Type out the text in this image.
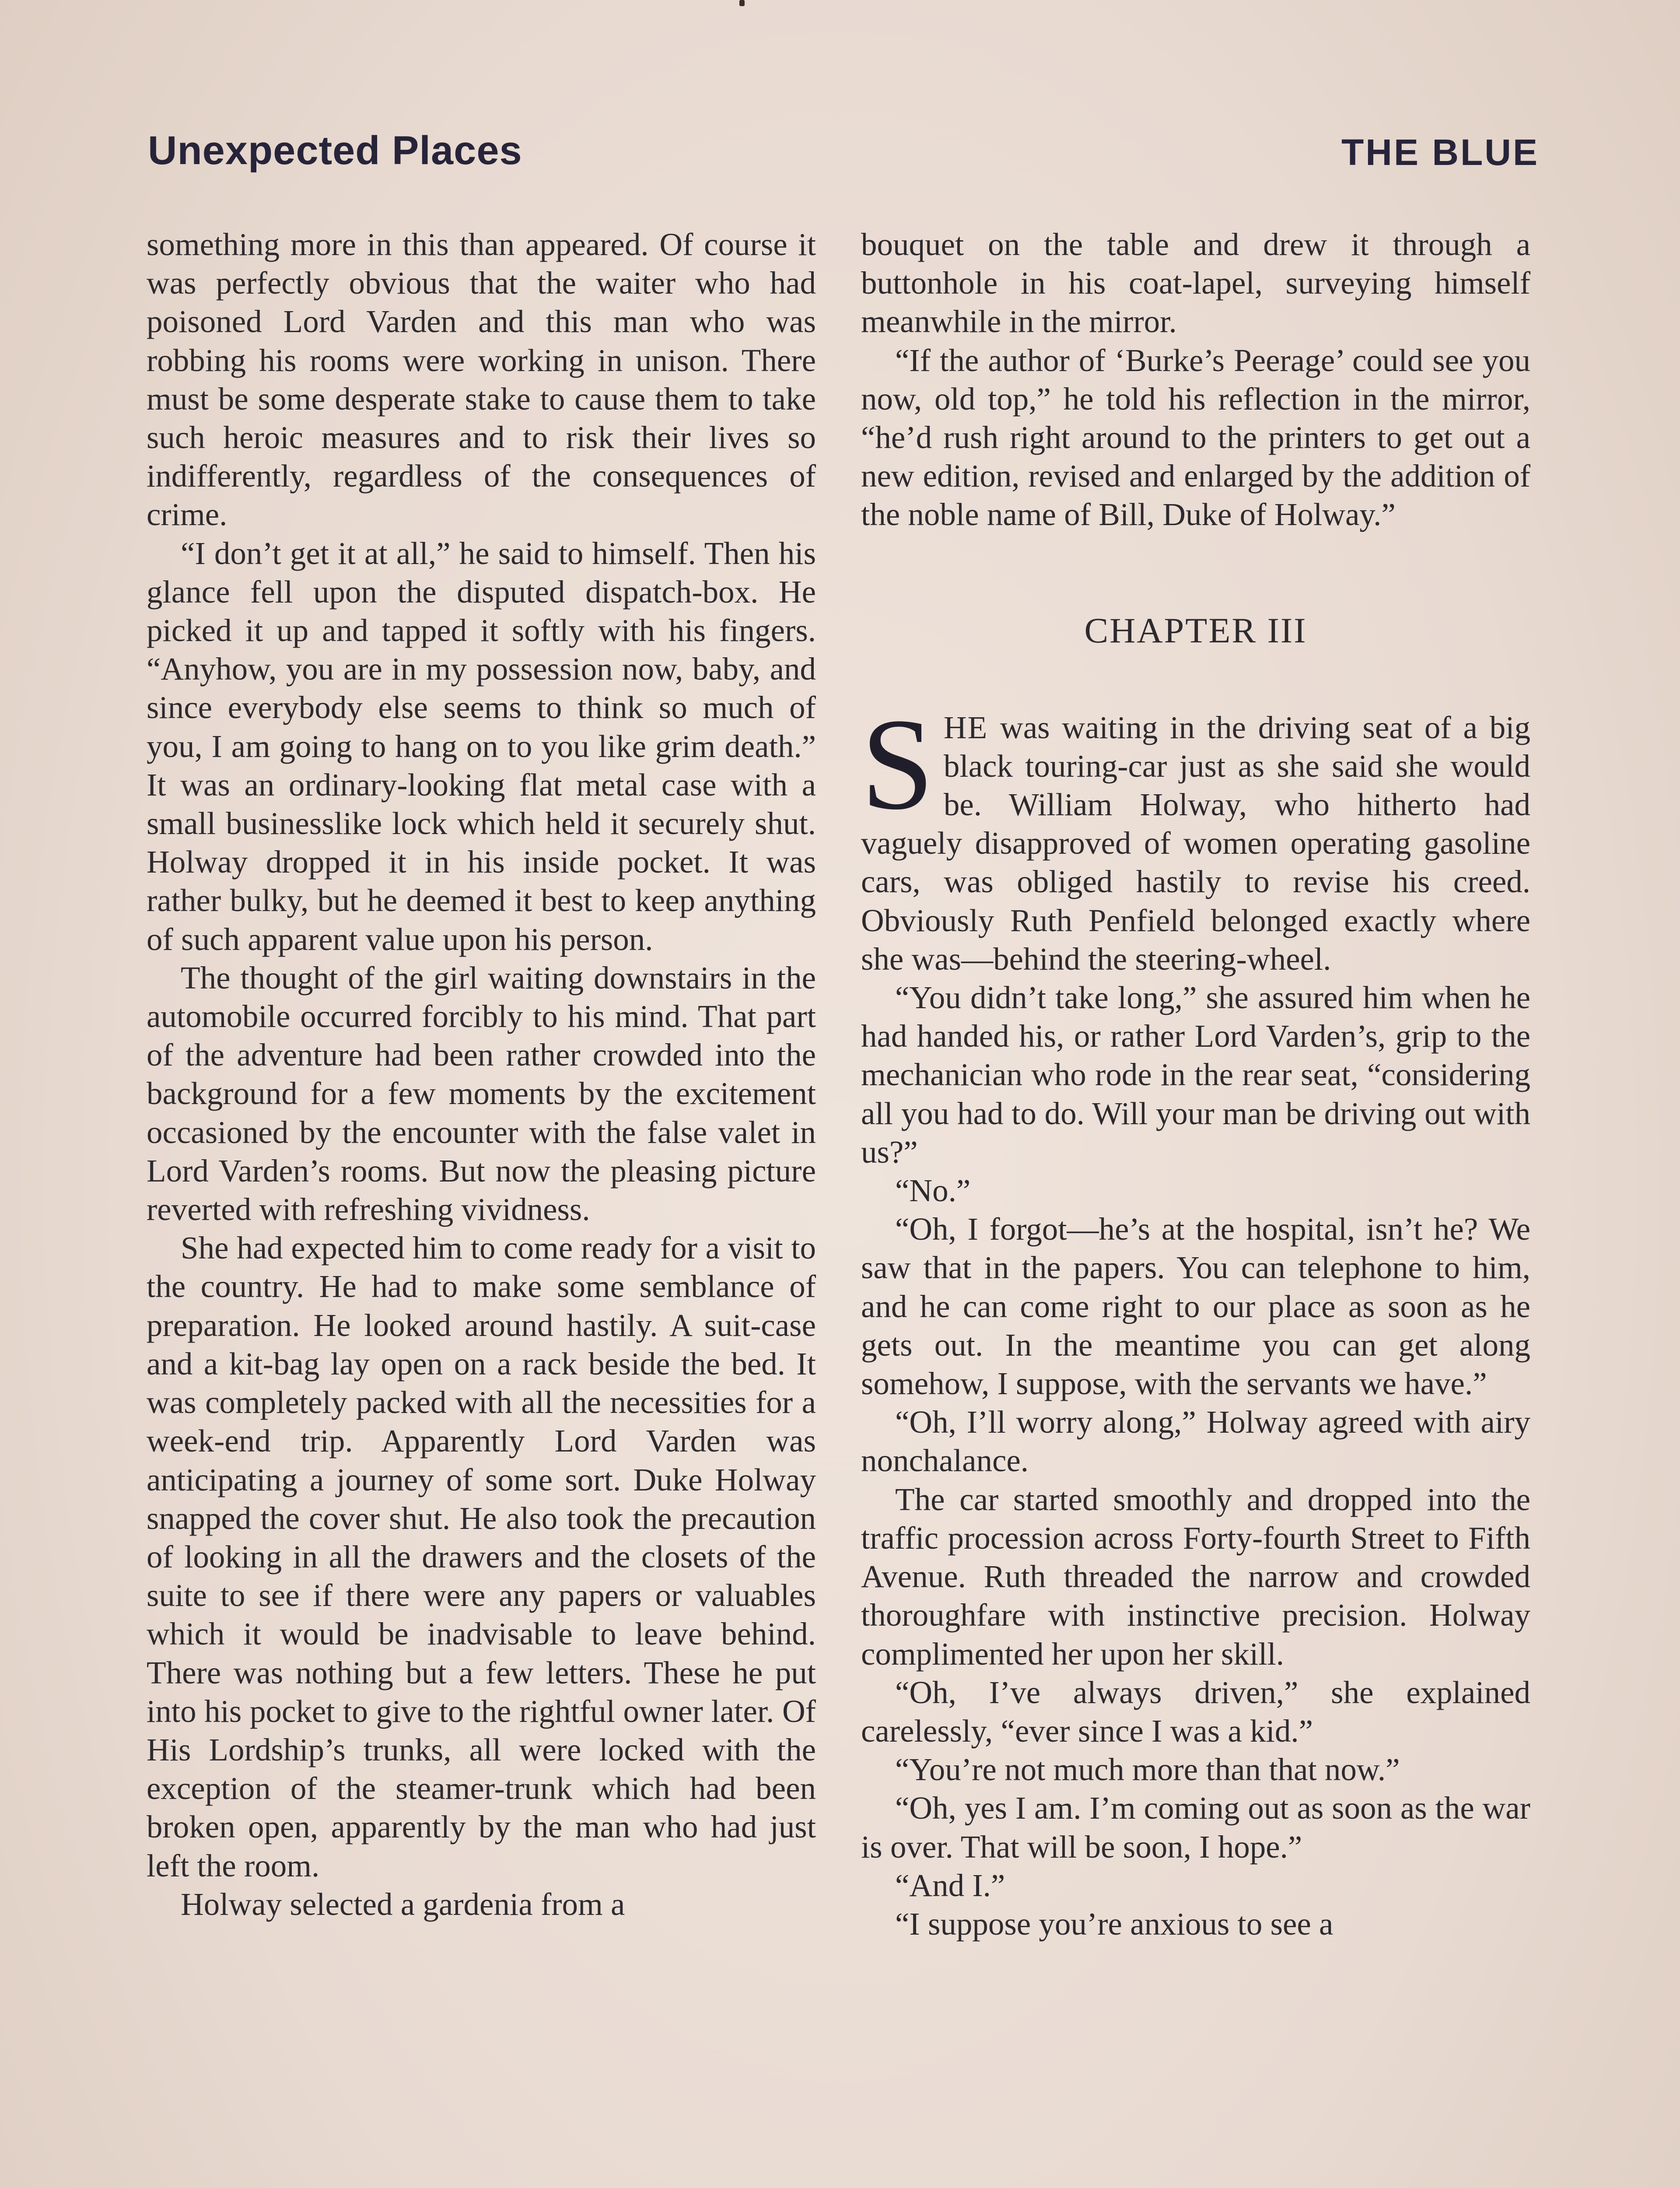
Unexpected Places	THE BLUE

something more in this than appeared. Of course it was perfectly obvious that the waiter who had poisoned Lord Varden and this man who was robbing his rooms were working in unison. There must be some desperate stake to cause them to take such heroic measures and to risk their lives so indifferently, regardless of the consequences of crime.

“I don’t get it at all,” he said to himself. Then his glance fell upon the disputed dispatch-box. He picked it up and tapped it softly with his fingers. “Anyhow, you are in my possession now, baby, and since everybody else seems to think so much of you, I am going to hang on to you like grim death.” It was an ordinary-looking flat metal case with a small businesslike lock which held it securely shut. Holway dropped it in his inside pocket. It was rather bulky, but he deemed it best to keep anything of such apparent value upon his person.

The thought of the girl waiting downstairs in the automobile occurred forcibly to his mind. That part of the adventure had been rather crowded into the background for a few moments by the excitement occasioned by the encounter with the false valet in Lord Varden’s rooms. But now the pleasing picture reverted with refreshing vividness.

She had expected him to come ready for a visit to the country. He had to make some semblance of preparation. He looked around hastily. A suit-case and a kit-bag lay open on a rack beside the bed. It was completely packed with all the necessities for a week-end trip. Apparently Lord Varden was anticipating a journey of some sort. Duke Holway snapped the cover shut. He also took the precaution of looking in all the drawers and the closets of the suite to see if there were any papers or valuables which it would be inadvisable to leave behind. There was nothing but a few letters. These he put into his pocket to give to the rightful owner later. Of His Lordship’s trunks, all were locked with the exception of the steamer-trunk which had been broken open, apparently by the man who had just left the room.

Holway selected a gardenia from a

bouquet on the table and drew it through a buttonhole in his coat-lapel, surveying himself meanwhile in the mirror.

“If the author of ‘Burke’s Peerage’ could see you now, old top,” he told his reflection in the mirror, “he’d rush right around to the printers to get out a new edition, revised and enlarged by the addition of the noble name of Bill, Duke of Holway.”

CHAPTER III

SHE was waiting in the driving seat of a big black touring-car just as she said she would be. William Holway, who hitherto had vaguely disapproved of women operating gasoline cars, was obliged hastily to revise his creed. Obviously Ruth Penfield belonged exactly where she was—behind the steering-wheel.

“You didn’t take long,” she assured him when he had handed his, or rather Lord Varden’s, grip to the mechanician who rode in the rear seat, “considering all you had to do. Will your man be driving out with us?”

“No.”

“Oh, I forgot—he’s at the hospital, isn’t he? We saw that in the papers. You can telephone to him, and he can come right to our place as soon as he gets out. In the meantime you can get along somehow, I suppose, with the servants we have.”

“Oh, I’ll worry along,” Holway agreed with airy nonchalance.

The car started smoothly and dropped into the traffic procession across Forty-fourth Street to Fifth Avenue. Ruth threaded the narrow and crowded thoroughfare with instinctive precision. Holway complimented her upon her skill.

“Oh, I’ve always driven,” she explained carelessly, “ever since I was a kid.”

“You’re not much more than that now.”

“Oh, yes I am. I’m coming out as soon as the war is over. That will be soon, I hope.”

“And I.”

“I suppose you’re anxious to see a
